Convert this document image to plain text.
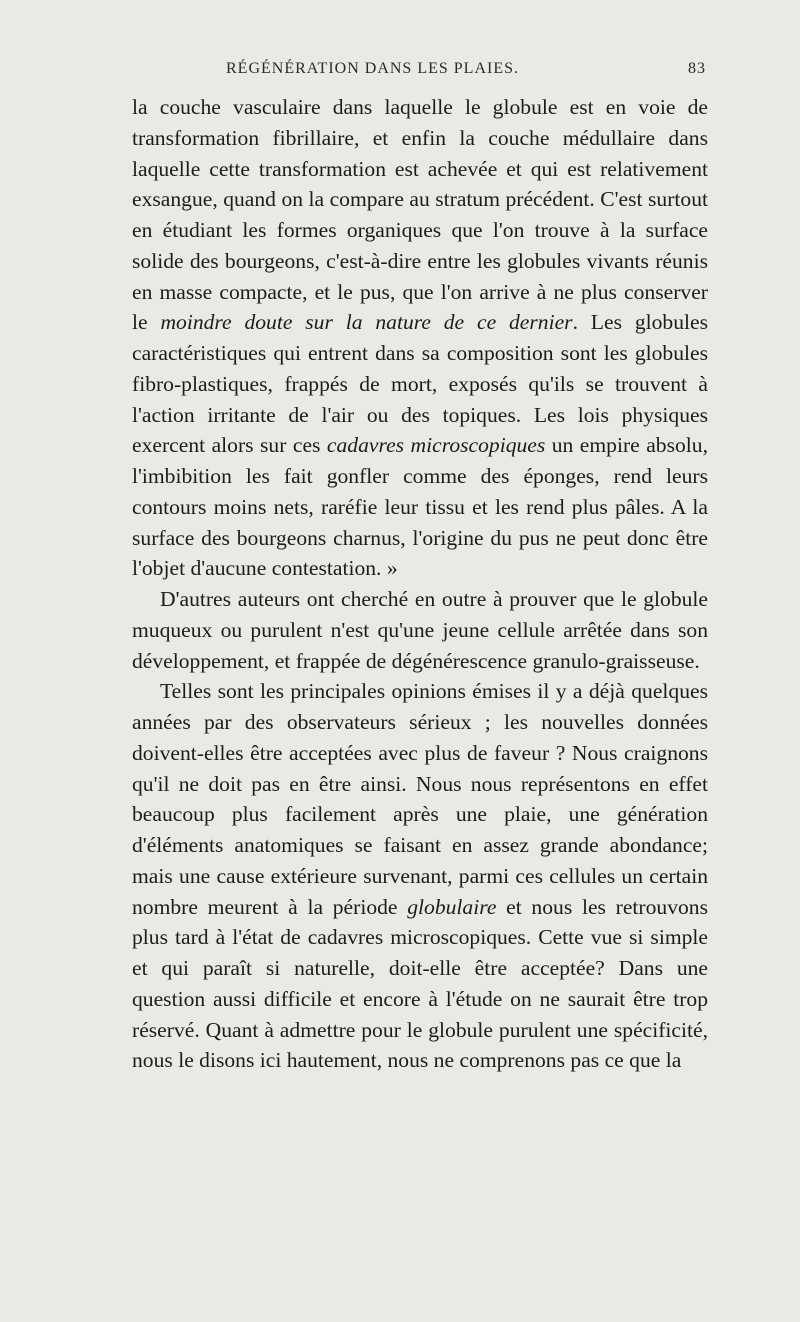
RÉGÉNÉRATION DANS LES PLAIES.	83

la couche vasculaire dans laquelle le globule est en voie de transformation fibrillaire, et enfin la couche médullaire dans laquelle cette transformation est achevée et qui est relativement exsangue, quand on la compare au stratum précédent. C'est surtout en étudiant les formes organiques que l'on trouve à la surface solide des bourgeons, c'est-à-dire entre les globules vivants réunis en masse compacte, et le pus, que l'on arrive à ne plus conserver le moindre doute sur la nature de ce dernier. Les globules caractéristiques qui entrent dans sa composition sont les globules fibro-plastiques, frappés de mort, exposés qu'ils se trouvent à l'action irritante de l'air ou des topiques. Les lois physiques exercent alors sur ces cadavres microscopiques un empire absolu, l'imbibition les fait gonfler comme des éponges, rend leurs contours moins nets, raréfie leur tissu et les rend plus pâles. A la surface des bourgeons charnus, l'origine du pus ne peut donc être l'objet d'aucune contestation. »

D'autres auteurs ont cherché en outre à prouver que le globule muqueux ou purulent n'est qu'une jeune cellule arrêtée dans son développement, et frappée de dégénérescence granulo-graisseuse.

Telles sont les principales opinions émises il y a déjà quelques années par des observateurs sérieux ; les nouvelles données doivent-elles être acceptées avec plus de faveur ? Nous craignons qu'il ne doit pas en être ainsi. Nous nous représentons en effet beaucoup plus facilement après une plaie, une génération d'éléments anatomiques se faisant en assez grande abondance; mais une cause extérieure survenant, parmi ces cellules un certain nombre meurent à la période globulaire et nous les retrouvons plus tard à l'état de cadavres microscopiques. Cette vue si simple et qui paraît si naturelle, doit-elle être acceptée? Dans une question aussi difficile et encore à l'étude on ne saurait être trop réservé. Quant à admettre pour le globule purulent une spécificité, nous le disons ici hautement, nous ne comprenons pas ce que la
